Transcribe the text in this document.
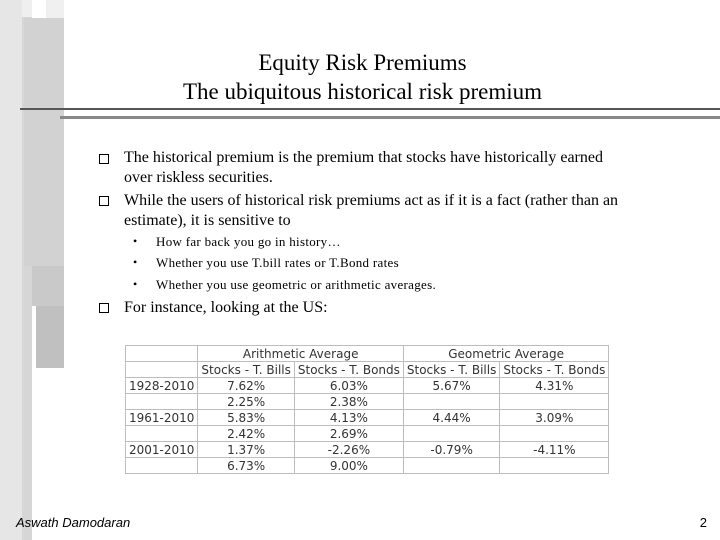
Equity Risk Premiums
The ubiquitous historical risk premium
The historical premium is the premium that stocks have historically earned
over riskless securities.
While the users of historical risk premiums act as if it is a fact (rather than an
estimate), it is sensitive to
• How far back you go in history…
• Whether you use T.bill rates or T.Bond rates
• Whether you use geometric or arithmetic averages.
For instance, looking at the US:
	Arithmetic Average		Geometric Average	
	Stocks - T. Bills	Stocks - T. Bonds	Stocks - T. Bills	Stocks - T. Bonds
1928-2010	7.62%	6.03%	5.67%	4.31%
	2.25%	2.38%		
1961-2010	5.83%	4.13%	4.44%	3.09%
	2.42%	2.69%		
2001-2010	1.37%	-2.26%	-0.79%	-4.11%
	6.73%	9.00%		
Aswath Damodaran	2
